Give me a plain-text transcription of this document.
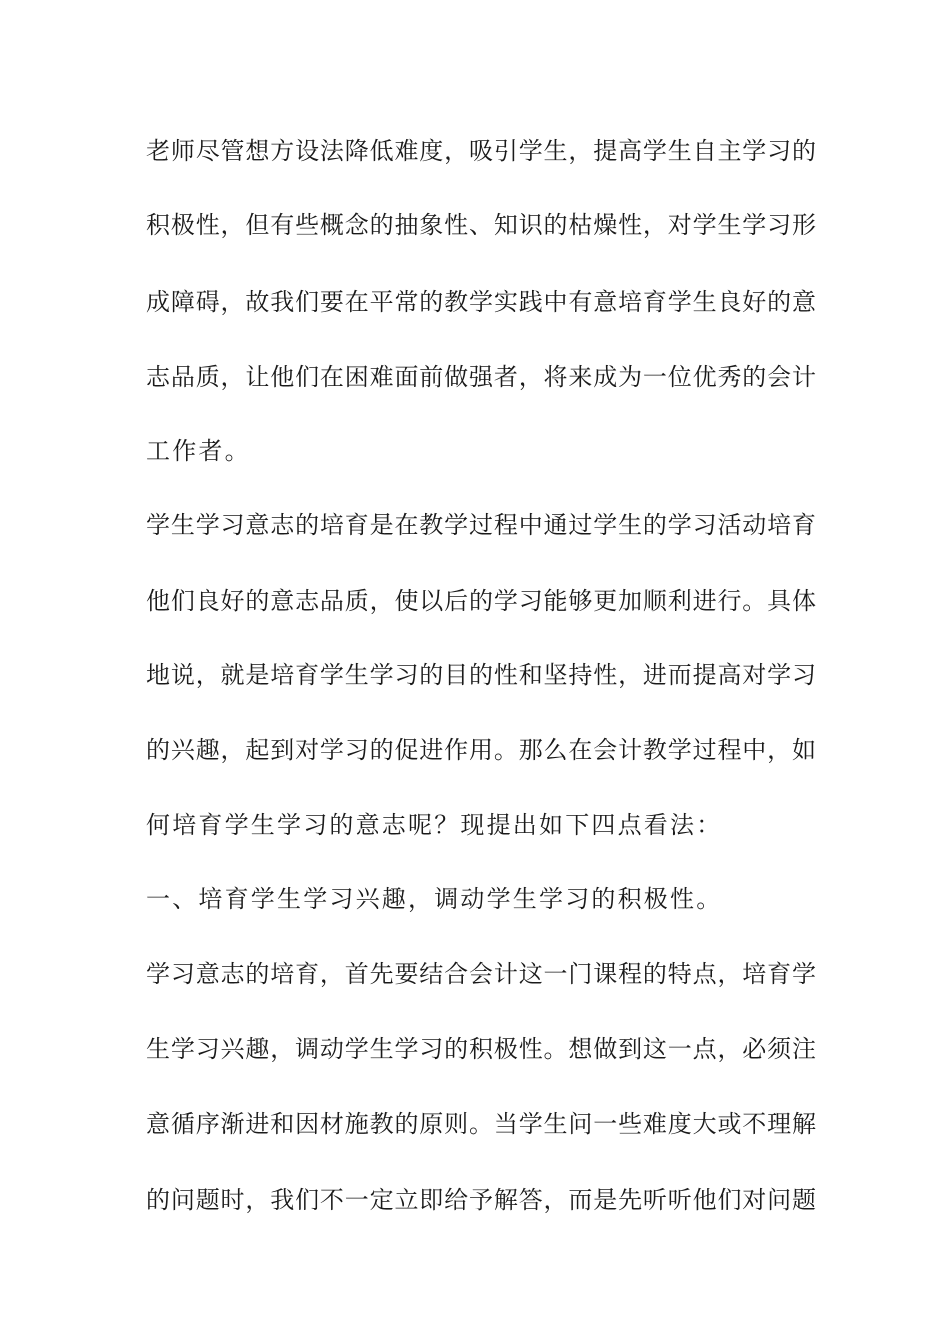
老师尽管想方设法降低难度，吸引学生，提高学生自主学习的
积极性，但有些概念的抽象性、知识的枯燥性，对学生学习形
成障碍，故我们要在平常的教学实践中有意培育学生良好的意
志品质，让他们在困难面前做强者，将来成为一位优秀的会计
工作者。
学生学习意志的培育是在教学过程中通过学生的学习活动培育
他们良好的意志品质，使以后的学习能够更加顺利进行。具体
地说，就是培育学生学习的目的性和坚持性，进而提高对学习
的兴趣，起到对学习的促进作用。那么在会计教学过程中，如
何培育学生学习的意志呢？现提出如下四点看法：
一、培育学生学习兴趣，调动学生学习的积极性。
学习意志的培育，首先要结合会计这一门课程的特点，培育学
生学习兴趣，调动学生学习的积极性。想做到这一点，必须注
意循序渐进和因材施教的原则。当学生问一些难度大或不理解
的问题时，我们不一定立即给予解答，而是先听听他们对问题
